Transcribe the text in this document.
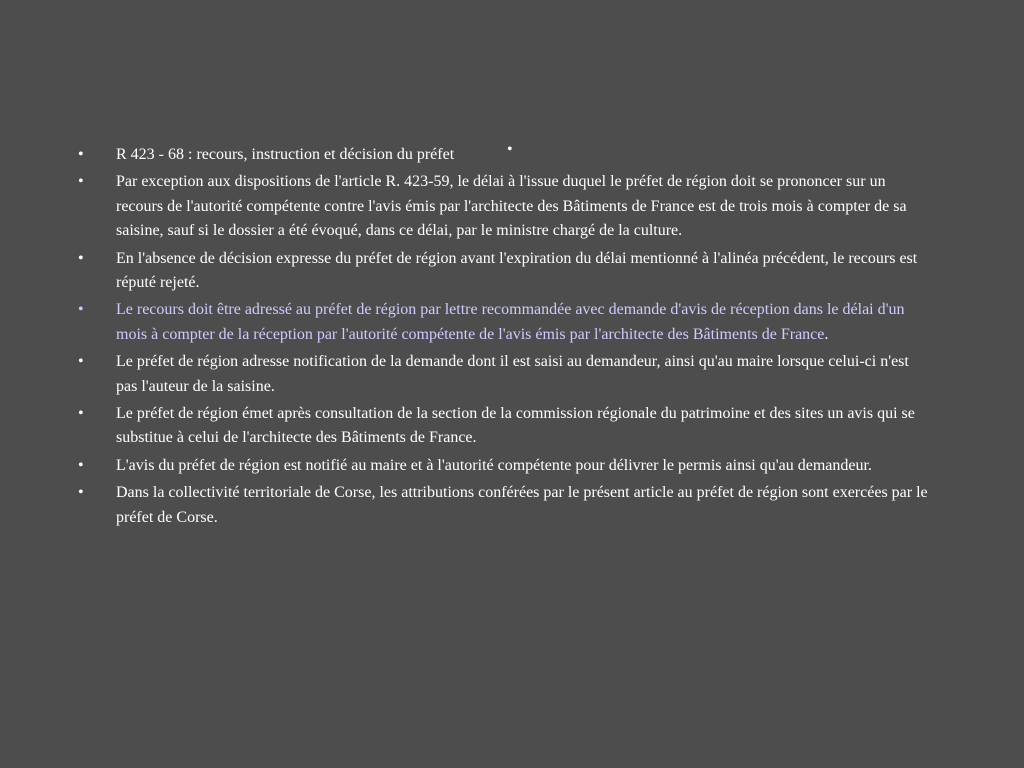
•
•	R 423 - 68 : recours, instruction et décision du préfet
•	Par exception aux dispositions de l'article R. 423-59, le délai à l'issue duquel le préfet de région doit se prononcer sur un recours de l'autorité compétente contre l'avis émis par l'architecte des Bâtiments de France est de trois mois à compter de sa saisine, sauf si le dossier a été évoqué, dans ce délai, par le ministre chargé de la culture.
•	En l'absence de décision expresse du préfet de région avant l'expiration du délai mentionné à l'alinéa précédent, le recours est réputé rejeté.
•	Le recours doit être adressé au préfet de région par lettre recommandée avec demande d'avis de réception dans le délai d'un mois à compter de la réception par l'autorité compétente de l'avis émis par l'architecte des Bâtiments de France.
•	Le préfet de région adresse notification de la demande dont il est saisi au demandeur, ainsi qu'au maire lorsque celui-ci n'est pas l'auteur de la saisine.
•	Le préfet de région émet après consultation de la section de la commission régionale du patrimoine et des sites un avis qui se substitue à celui de l'architecte des Bâtiments de France.
•	L'avis du préfet de région est notifié au maire et à l'autorité compétente pour délivrer le permis ainsi qu'au demandeur.
•	Dans la collectivité territoriale de Corse, les attributions conférées par le présent article au préfet de région sont exercées par le préfet de Corse.
